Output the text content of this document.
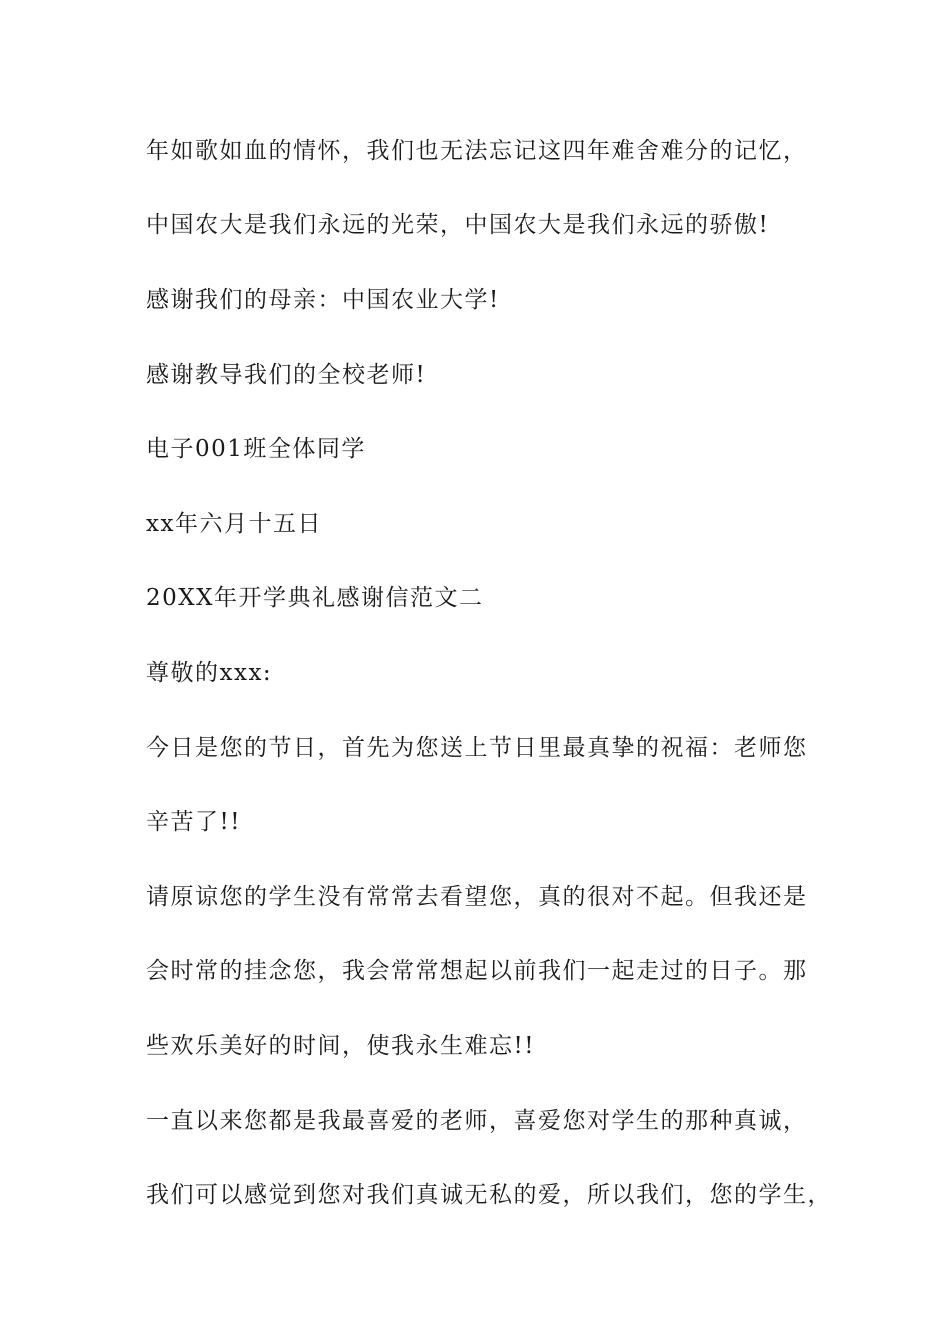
年如歌如血的情怀，我们也无法忘记这四年难舍难分的记忆，
中国农大是我们永远的光荣，中国农大是我们永远的骄傲!
感谢我们的母亲：中国农业大学!
感谢教导我们的全校老师!
电子001班全体同学
xx年六月十五日
20XX年开学典礼感谢信范文二
尊敬的xxx:
今日是您的节日，首先为您送上节日里最真挚的祝福：老师您
辛苦了!!
请原谅您的学生没有常常去看望您，真的很对不起。但我还是
会时常的挂念您，我会常常想起以前我们一起走过的日子。那
些欢乐美好的时间，使我永生难忘!!
一直以来您都是我最喜爱的老师，喜爱您对学生的那种真诚，
我们可以感觉到您对我们真诚无私的爱，所以我们，您的学生，
